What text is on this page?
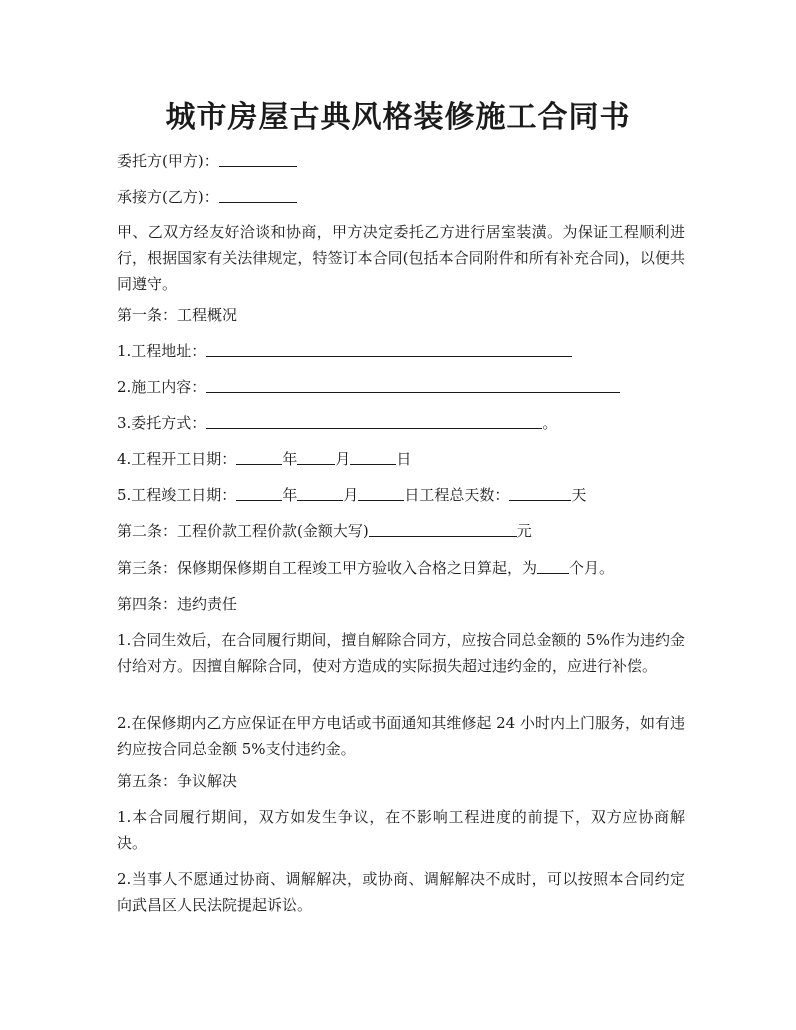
城市房屋古典风格装修施工合同书

委托方(甲方)：

承接方(乙方)：

甲、乙双方经友好洽谈和协商，甲方决定委托乙方进行居室装潢。为保证工程顺利进行，根据国家有关法律规定，特签订本合同(包括本合同附件和所有补充合同)，以便共同遵守。

第一条：工程概况

1.工程地址：

2.施工内容：

3.委托方式：	。

4.工程开工日期：	年	月	日

5.工程竣工日期：	年	月	日工程总天数：	天

第二条：工程价款工程价款(金额大写)	元

第三条：保修期保修期自工程竣工甲方验收入合格之日算起，为 个月。

第四条：违约责任

1.合同生效后，在合同履行期间，擅自解除合同方，应按合同总金额的 5%作为违约金付给对方。因擅自解除合同，使对方造成的实际损失超过违约金的，应进行补偿。

2.在保修期内乙方应保证在甲方电话或书面通知其维修起 24 小时内上门服务，如有违约应按合同总金额 5%支付违约金。

第五条：争议解决

1.本合同履行期间，双方如发生争议，在不影响工程进度的前提下，双方应协商解决。

2.当事人不愿通过协商、调解解决，或协商、调解解决不成时，可以按照本合同约定向武昌区人民法院提起诉讼。
